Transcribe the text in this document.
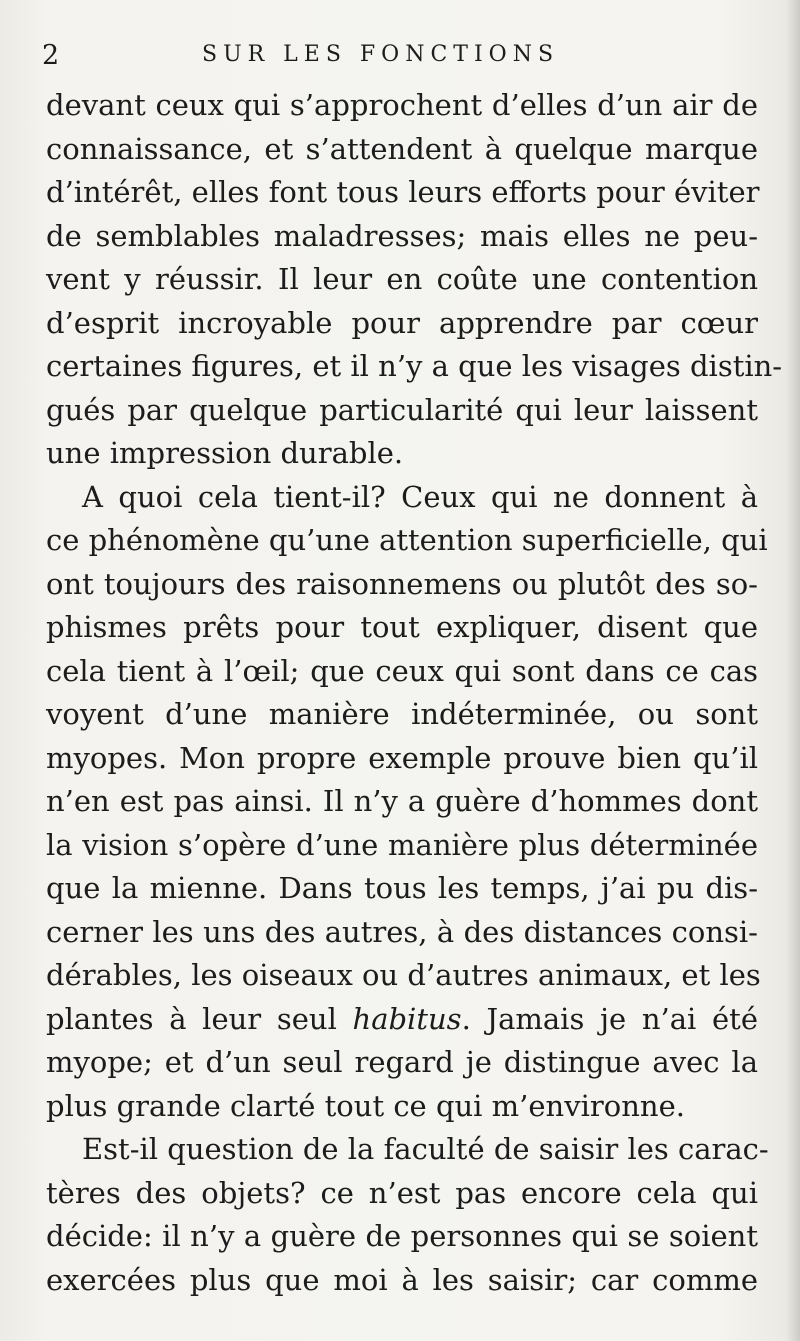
2	SUR LES FONCTIONS
devant ceux qui s’approchent d’elles d’un air de
connaissance, et s’attendent à quelque marque
d’intérêt, elles font tous leurs efforts pour éviter
de semblables maladresses; mais elles ne peu-
vent y réussir. Il leur en coûte une contention
d’esprit incroyable pour apprendre par cœur
certaines figures, et il n’y a que les visages distin-
gués par quelque particularité qui leur laissent
une impression durable.
A quoi cela tient-il? Ceux qui ne donnent à
ce phénomène qu’une attention superficielle, qui
ont toujours des raisonnemens ou plutôt des so-
phismes prêts pour tout expliquer, disent que
cela tient à l’œil; que ceux qui sont dans ce cas
voyent d’une manière indéterminée, ou sont
myopes. Mon propre exemple prouve bien qu’il
n’en est pas ainsi. Il n’y a guère d’hommes dont
la vision s’opère d’une manière plus déterminée
que la mienne. Dans tous les temps, j’ai pu dis-
cerner les uns des autres, à des distances consi-
dérables, les oiseaux ou d’autres animaux, et les
plantes à leur seul habitus. Jamais je n’ai été
myope; et d’un seul regard je distingue avec la
plus grande clarté tout ce qui m’environne.
Est-il question de la faculté de saisir les carac-
tères des objets? ce n’est pas encore cela qui
décide: il n’y a guère de personnes qui se soient
exercées plus que moi à les saisir; car comme
